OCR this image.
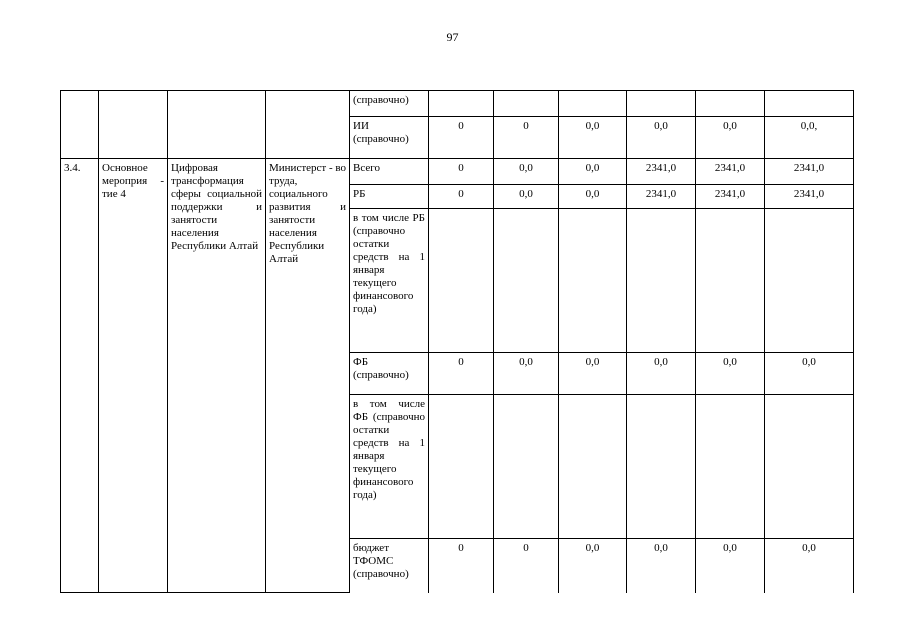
97
				(справочно)						
				ИИ (справочно)	0	0	0,0	0,0	0,0	0,0,
3.4.	Основное мероприя - тие 4	Цифровая трансформация сферы социальной поддержки и занятости населения Республики Алтай	Министерст - во труда, социального развития и занятости населения Республики Алтай	Всего	0	0,0	0,0	2341,0	2341,0	2341,0
				РБ	0	0,0	0,0	2341,0	2341,0	2341,0
				в том числе РБ (справочно остатки средств на 1 января текущего финансового года)						
				ФБ (справочно)	0	0,0	0,0	0,0	0,0	0,0
				в том числе ФБ (справочно остатки средств на 1 января текущего финансового года)						
				бюджет ТФОМС (справочно)	0	0	0,0	0,0	0,0	0,0
